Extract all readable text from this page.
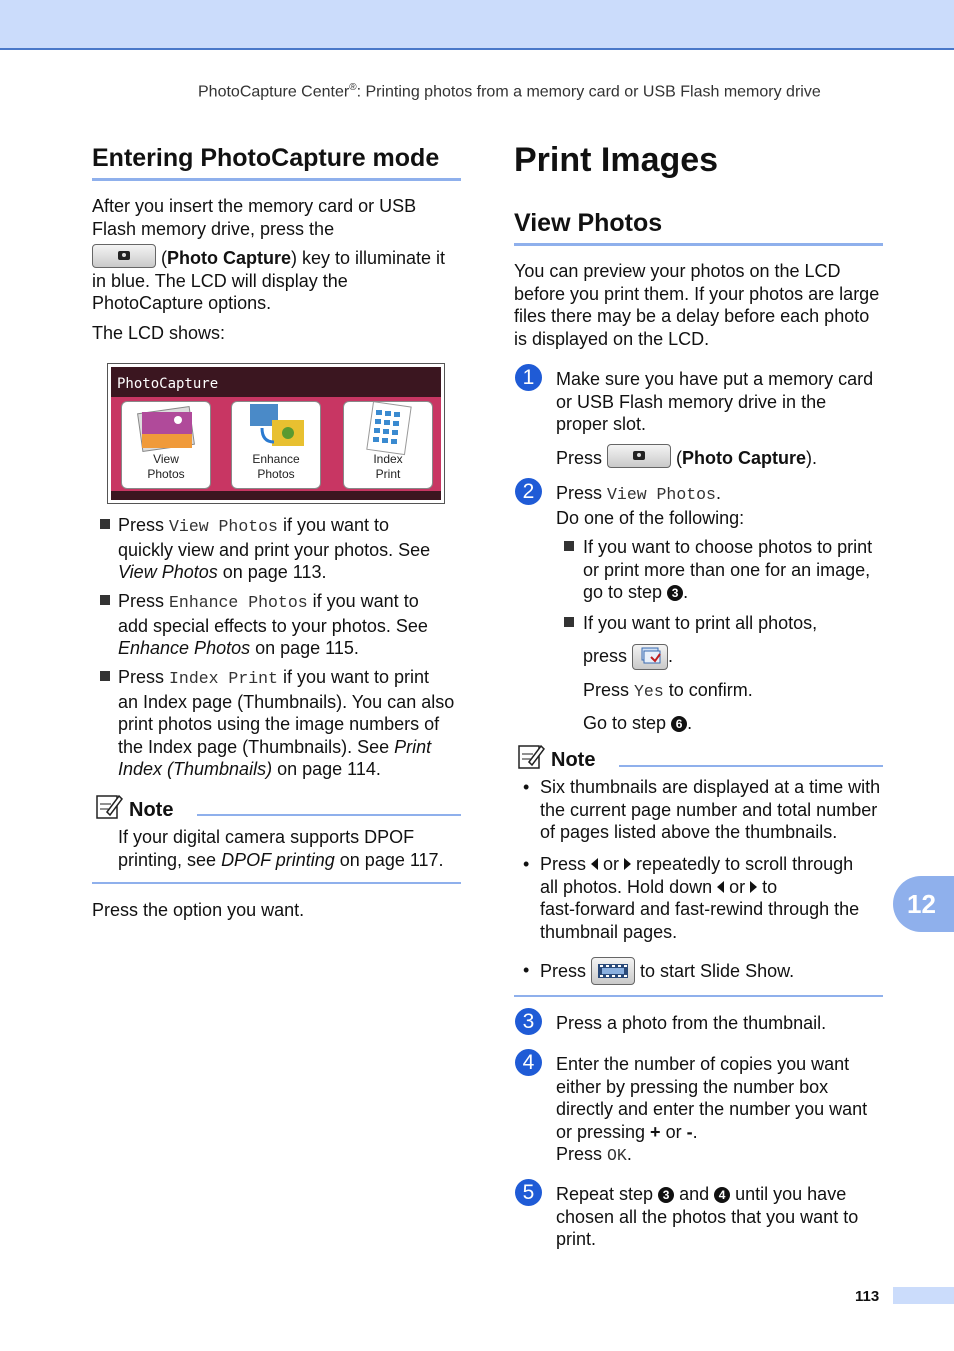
PhotoCapture Center®: Printing photos from a memory card or USB Flash memory drive
Entering PhotoCapture mode

After you insert the memory card or USB

Flash memory drive, press the

(Photo Capture) key to illuminate it

in blue. The LCD will display the

PhotoCapture options.

The LCD shows:

PhotoCapture
View
Photos
Enhance
Photos
Index
Print

Press View Photos if you want to

quickly view and print your photos. See

View Photos on page 113.

Press Enhance Photos if you want to

add special effects to your photos. See

Enhance Photos on page 115.

Press Index Print if you want to print

an Index page (Thumbnails). You can also

print photos using the image numbers of

the Index page (Thumbnails). See Print

Index (Thumbnails) on page 114.

Note

If your digital camera supports DPOF

printing, see DPOF printing on page 117.

Press the option you want.

Print Images
View Photos

You can preview your photos on the LCD

before you print them. If your photos are large

files there may be a delay before each photo

is displayed on the LCD.

1	Make sure you have put a memory card

or USB Flash memory drive in the

proper slot.

Press	(Photo Capture).

2	Press View Photos.

Do one of the following:

If you want to choose photos to print

or print more than one for an image,

go to step 3 .

If you want to print all photos,

press .

Press Yes to confirm.

Go to step 6 .

Note
• Six thumbnails are displayed at a time with

the current page number and total number

of pages listed above the thumbnails.

• Press  or  repeatedly to scroll through

all photos. Hold down  or  to

fast-forward and fast-rewind through the

thumbnail pages.

• Press  to start Slide Show.

3	Press a photo from the thumbnail.

4	Enter the number of copies you want

either by pressing the number box

directly and enter the number you want

or pressing + or -.

Press OK.

5	Repeat step 3 and 4 until you have

chosen all the photos that you want to

print.

12
113
